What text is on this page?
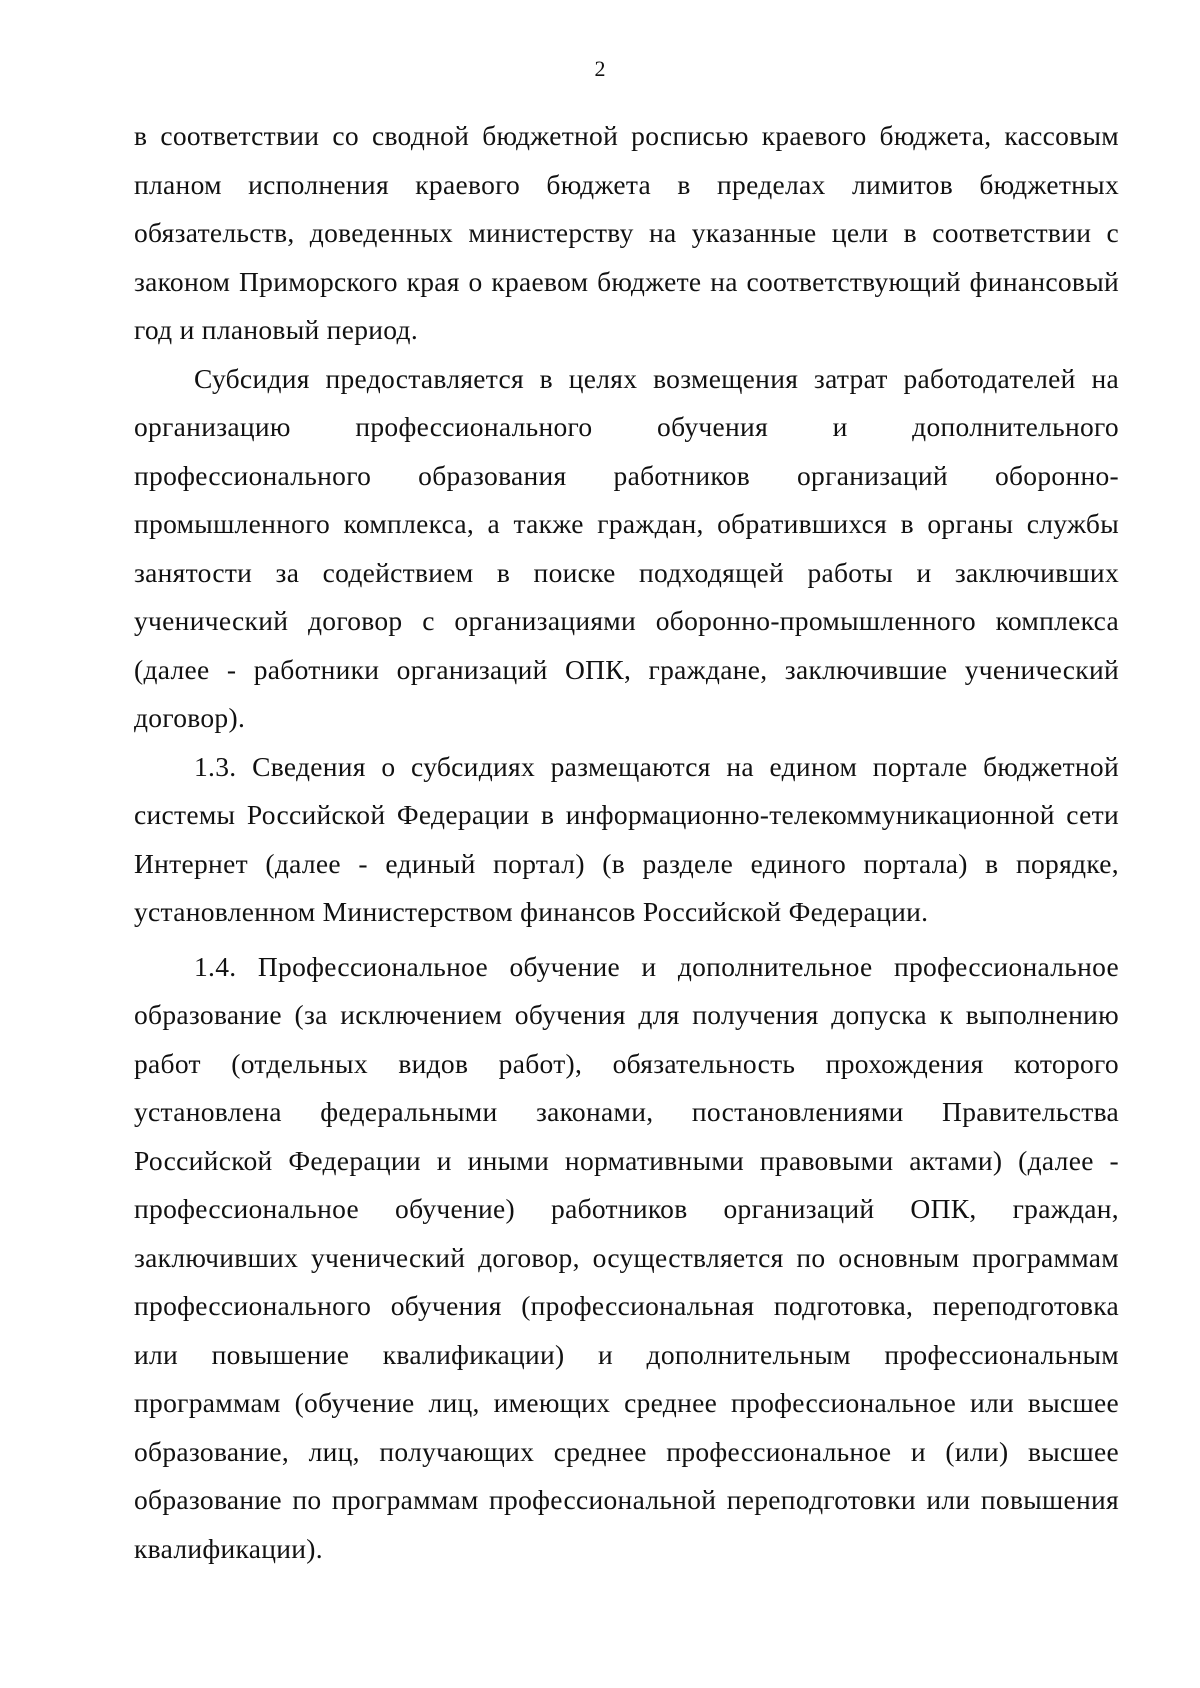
2

в соответствии со сводной бюджетной росписью краевого бюджета, кассовым планом исполнения краевого бюджета в пределах лимитов бюджетных обязательств, доведенных министерству на указанные цели в соответствии с законом Приморского края о краевом бюджете на соответствующий финансовый год и плановый период.

Субсидия предоставляется в целях возмещения затрат работодателей на организацию профессионального обучения и дополнительного профессионального образования работников организаций оборонно-промышленного комплекса, а также граждан, обратившихся в органы службы занятости за содействием в поиске подходящей работы и заключивших ученический договор с организациями оборонно-промышленного комплекса (далее - работники организаций ОПК, граждане, заключившие ученический договор).

1.3. Сведения о субсидиях размещаются на едином портале бюджетной системы Российской Федерации в информационно-телекоммуникационной сети Интернет (далее - единый портал) (в разделе единого портала) в порядке, установленном Министерством финансов Российской Федерации.

1.4. Профессиональное обучение и дополнительное профессиональное образование (за исключением обучения для получения допуска к выполнению работ (отдельных видов работ), обязательность прохождения которого установлена федеральными законами, постановлениями Правительства Российской Федерации и иными нормативными правовыми актами) (далее - профессиональное обучение) работников организаций ОПК, граждан, заключивших ученический договор, осуществляется по основным программам профессионального обучения (профессиональная подготовка, переподготовка или повышение квалификации) и дополнительным профессиональным программам (обучение лиц, имеющих среднее профессиональное или высшее образование, лиц, получающих среднее профессиональное и (или) высшее образование по программам профессиональной переподготовки или повышения квалификации).
